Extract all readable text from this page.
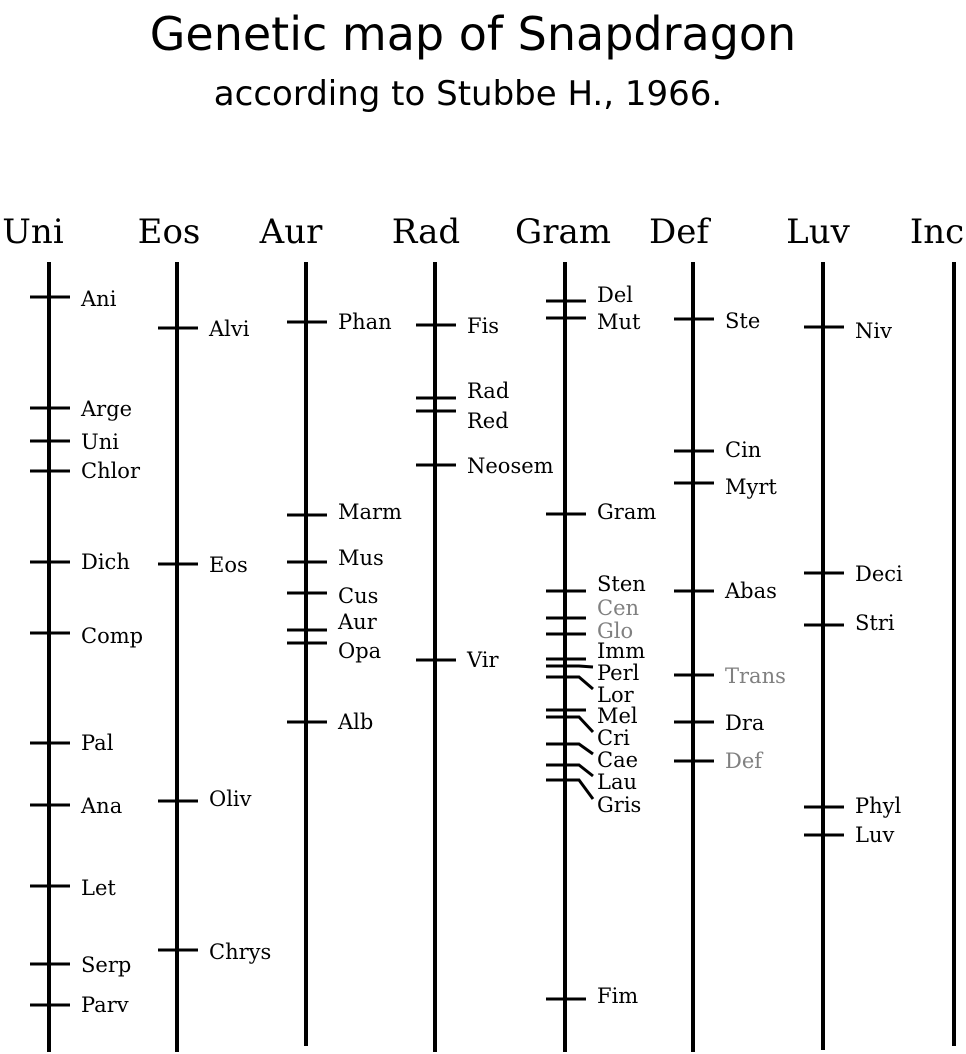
Genetic map of Snapdragon
according to Stubbe H., 1966.
Uni
Ani
Arge
Uni
Chlor
Dich
Comp
Pal
Ana
Let
Serp
Parv
Eos
Alvi
Eos
Oliv
Chrys
Aur
Phan
Marm
Mus
Cus
Aur
Opa
Alb
Rad
Fis
Rad
Red
Neosem
Vir
Gram
Del
Mut
Gram
Sten
Cen
Glo
Imm
Perl
Lor
Mel
Cri
Cae
Lau
Gris
Fim
Def
Ste
Cin
Myrt
Abas
Trans
Dra
Def
Luv
Niv
Deci
Stri
Phyl
Luv
Inc
